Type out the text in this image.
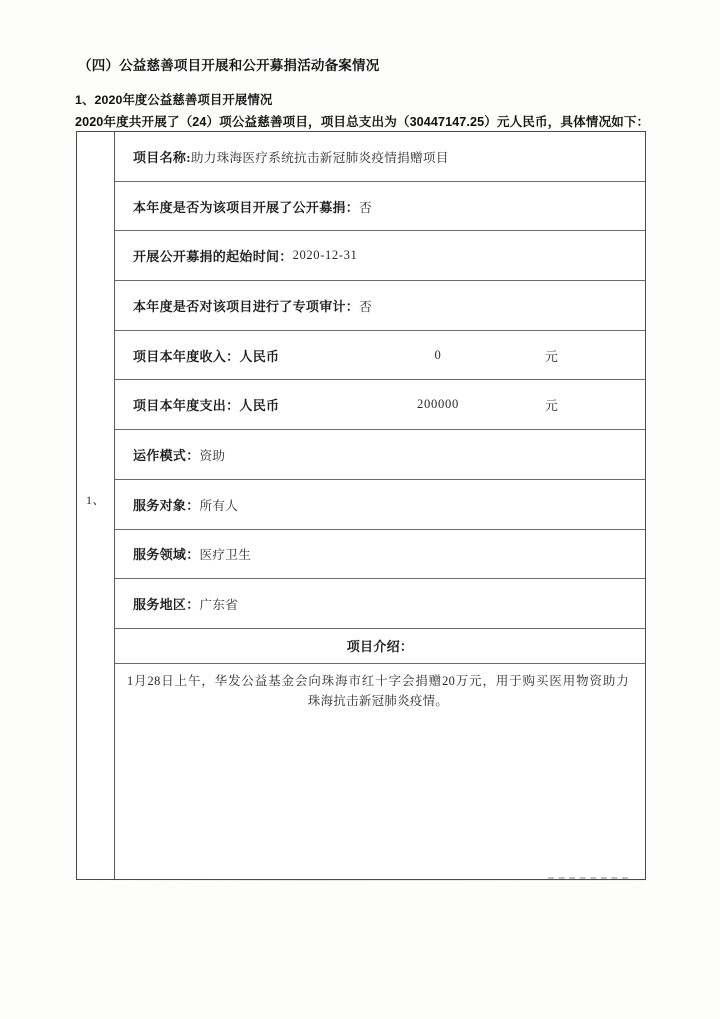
（四）公益慈善项目开展和公开募捐活动备案情况

1、2020年度公益慈善项目开展情况

2020年度共开展了（24）项公益慈善项目，项目总支出为（30447147.25）元人民币，具体情况如下：

1、
项目名称: 助力珠海医疗系统抗击新冠肺炎疫情捐赠项目
本年度是否为该项目开展了公开募捐： 否
开展公开募捐的起始时间： 2020-12-31
本年度是否对该项目进行了专项审计： 否
项目本年度收入：人民币	0	元
项目本年度支出：人民币	200000	元
运作模式： 资助
服务对象： 所有人
服务领域： 医疗卫生
服务地区： 广东省
项目介绍：

1月28日上午，华发公益基金会向珠海市红十字会捐赠20万元，用于购买医用物资助力
珠海抗击新冠肺炎疫情。
